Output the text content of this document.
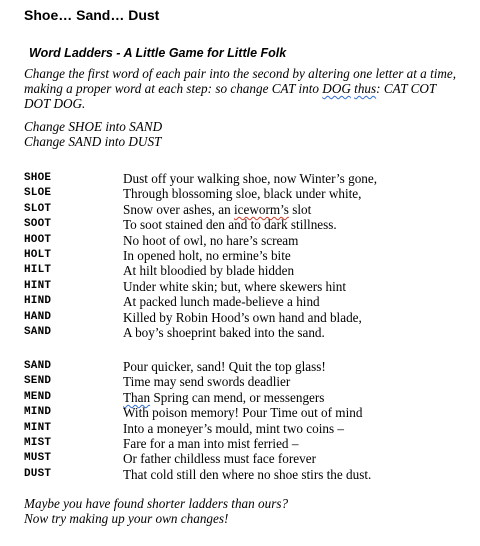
Shoe… Sand… Dust
Word Ladders - A Little Game for Little Folk
Change the first word of each pair into the second by altering one letter at a time,
making a proper word at each step: so change CAT into DOG thus: CAT COT
DOT DOG.
Change SHOE into SAND
Change SAND into DUST
SHOE	Dust off your walking shoe, now Winter’s gone,
SLOE	Through blossoming sloe, black under white,
SLOT	Snow over ashes, an iceworm’s slot
SOOT	To soot stained den and to dark stillness.
HOOT	No hoot of owl, no hare’s scream
HOLT	In opened holt, no ermine’s bite
HILT	At hilt bloodied by blade hidden
HINT	Under white skin; but, where skewers hint
HIND	At packed lunch made-believe a hind
HAND	Killed by Robin Hood’s own hand and blade,
SAND	A boy’s shoeprint baked into the sand.
SAND	Pour quicker, sand! Quit the top glass!
SEND	Time may send swords deadlier
MEND	Than Spring can mend, or messengers
MIND	With poison memory! Pour Time out of mind
MINT	Into a moneyer’s mould, mint two coins –
MIST	Fare for a man into mist ferried –
MUST	Or father childless must face forever
DUST	That cold still den where no shoe stirs the dust.
Maybe you have found shorter ladders than ours?
Now try making up your own changes!
